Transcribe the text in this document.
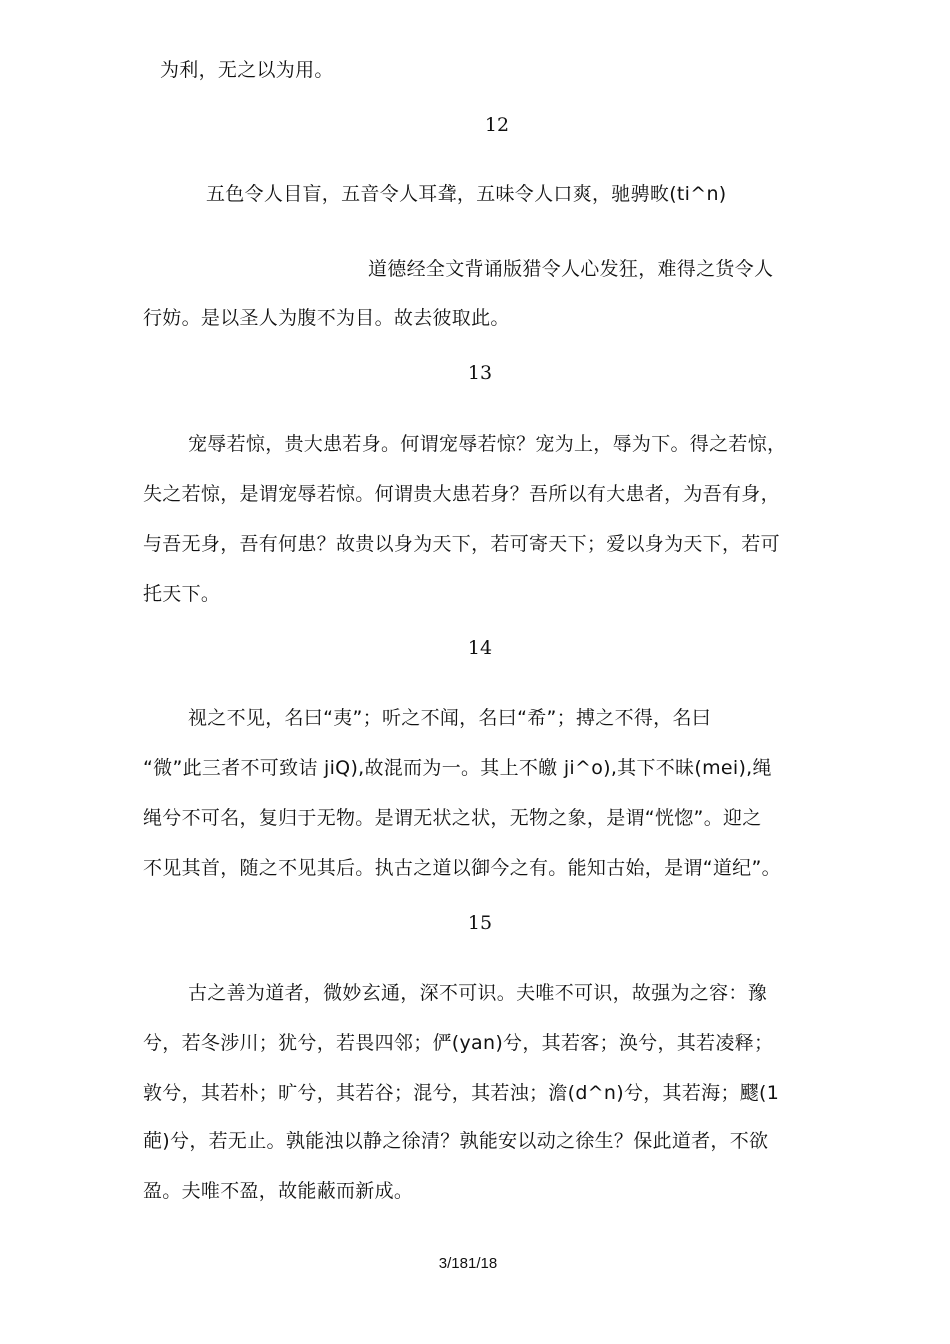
为利，无之以为用。
12
五色令人目盲，五音令人耳聋，五味令人口爽，驰骋畋(ti^n)
道德经全文背诵版猎令人心发狂，难得之货令人
行妨。是以圣人为腹不为目。故去彼取此。
13
宠辱若惊，贵大患若身。何谓宠辱若惊？宠为上，辱为下。得之若惊，
失之若惊，是谓宠辱若惊。何谓贵大患若身？吾所以有大患者，为吾有身，
与吾无身，吾有何患？故贵以身为天下，若可寄天下；爱以身为天下，若可
托天下。
14
视之不见，名曰“夷”；听之不闻，名曰“希”；搏之不得，名曰
“微”此三者不可致诘 jiQ),故混而为一。其上不皦 ji^o),其下不昧(mei),绳
绳兮不可名，复归于无物。是谓无状之状，无物之象，是谓“恍惚”。迎之
不见其首，随之不见其后。执古之道以御今之有。能知古始，是谓“道纪”。
15
古之善为道者，微妙玄通，深不可识。夫唯不可识，故强为之容：豫
兮，若冬涉川；犹兮，若畏四邻；俨(yan)兮，其若客；涣兮，其若凌释；
敦兮，其若朴；旷兮，其若谷；混兮，其若浊；澹(d^n)兮，其若海；飂(1
葩)兮，若无止。孰能浊以静之徐清？孰能安以动之徐生？保此道者，不欲
盈。夫唯不盈，故能蔽而新成。
3/181/18
